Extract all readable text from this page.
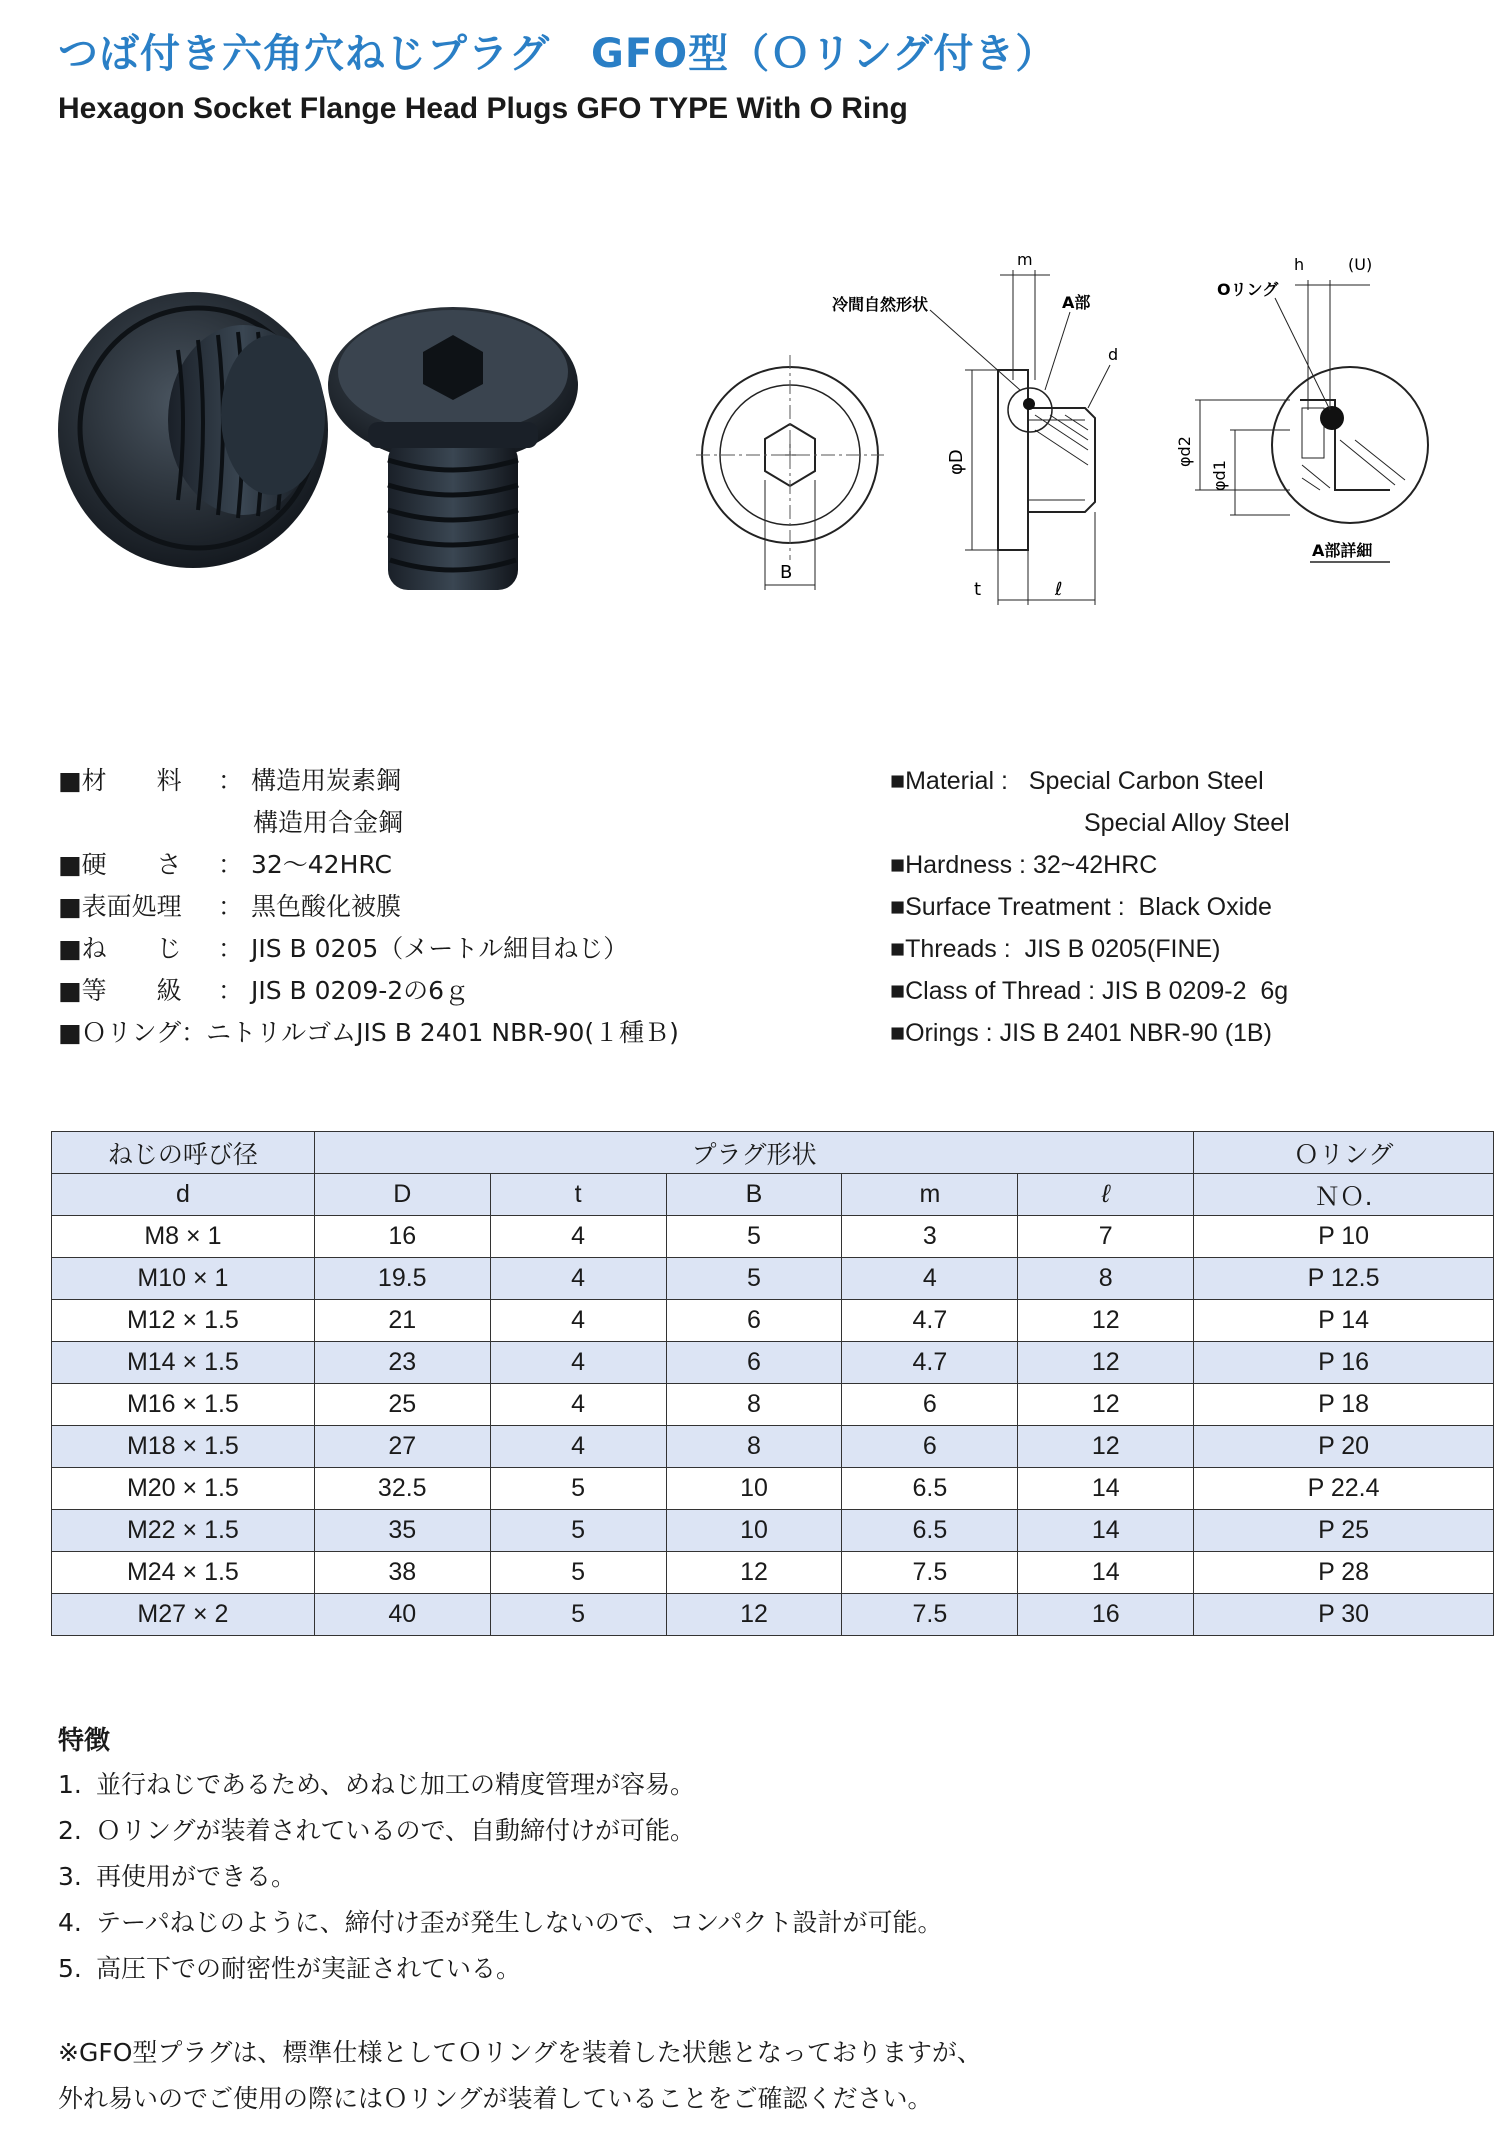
つば付き六角穴ねじプラグ　GFO型（Ｏリング付き）
Hexagon Socket Flange Head Plugs GFO TYPE With O Ring
B
φD
t	ℓ
m
冷間自然形状	A部
d
h	(U)
Oリング
φd2
φd1
A部詳細
■材　　料	：
構造用炭素鋼
構造用合金鋼
■硬　　さ	：
32〜42HRC
■表面処理	：
黒色酸化被膜
■ね　　じ	：
JIS B 0205（メートル細目ねじ）
■等　　級	：
JIS B 0209-2の6ｇ
■Ｏリング ： ニトリルゴムJIS B 2401 NBR-90(１種Ｂ)
■Material : Special Carbon Steel
Special Alloy Steel
■Hardness : 32~42HRC
■Surface Treatment : Black Oxide
■Threads : JIS B 0205(FINE)
■Class of Thread : JIS B 0209-2  6g
■Orings : JIS B 2401 NBR-90 (1B)
ねじの呼び径	プラグ形状					Ｏリング
d	D	t	B	m	ℓ	ＮＯ.
M8 × 1	16	4	5	3	7	P 10
M10 × 1	19.5	4	5	4	8	P 12.5
M12 × 1.5	21	4	6	4.7	12	P 14
M14 × 1.5	23	4	6	4.7	12	P 16
M16 × 1.5	25	4	8	6	12	P 18
M18 × 1.5	27	4	8	6	12	P 20
M20 × 1.5	32.5	5	10	6.5	14	P 22.4
M22 × 1.5	35	5	10	6.5	14	P 25
M24 × 1.5	38	5	12	7.5	14	P 28
M27 × 2	40	5	12	7.5	16	P 30
特徴
1. 並行ねじであるため、めねじ加工の精度管理が容易。
2. Ｏリングが装着されているので、自動締付けが可能。
3. 再使用ができる。
4. テーパねじのように、締付け歪が発生しないので、コンパクト設計が可能。
5. 高圧下での耐密性が実証されている。
※GFO型プラグは、標準仕様としてＯリングを装着した状態となっておりますが、
外れ易いのでご使用の際にはＯリングが装着していることをご確認ください。
